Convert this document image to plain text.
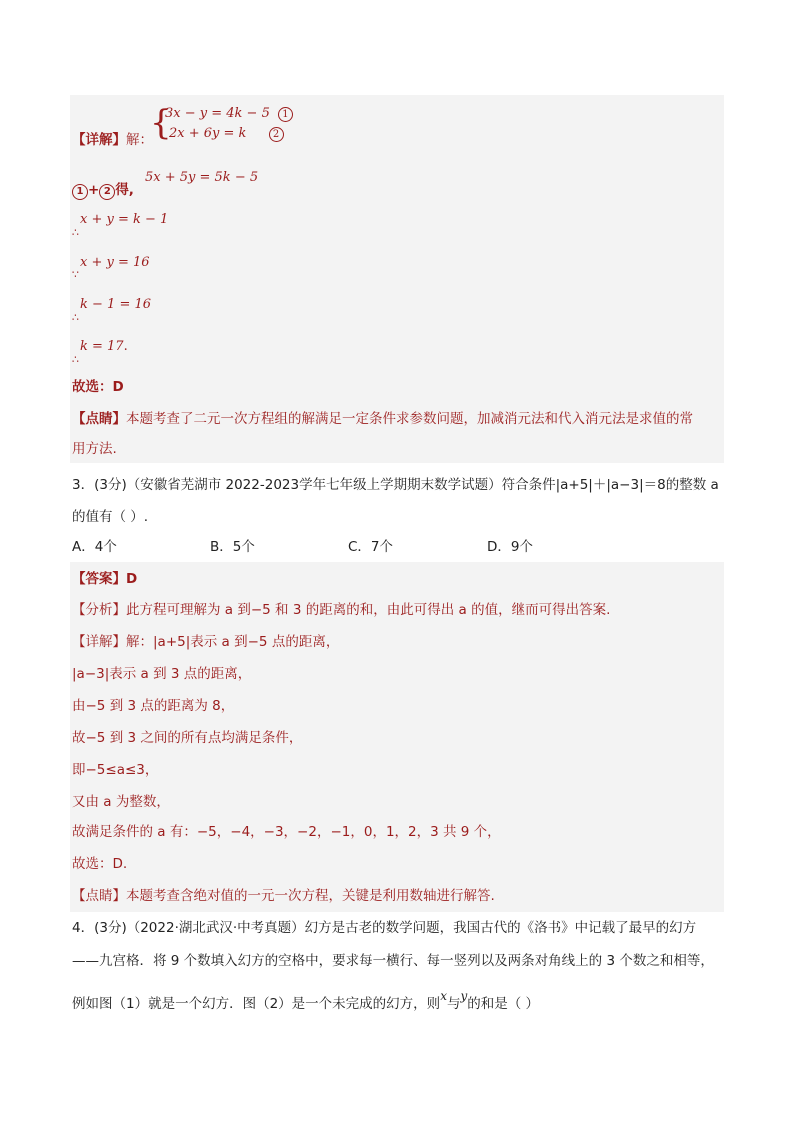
【详解】解：
{
3x − y = 4k − 5 1
2x + 6y = k	2
1 + 2 得,
5x + 5y = 5k − 5
x + y = k − 1
∴
x + y = 16
∵
k − 1 = 16
∴
k = 17.
∴
故选：D
【点睛】本题考查了二元一次方程组的解满足一定条件求参数问题，加减消元法和代入消元法是求值的常
用方法.
3．(3分)（安徽省芜湖市 2022-2023学年七年级上学期期末数学试题）符合条件|a+5|＋|a−3|＝8的整数 a
的值有（ ）.
A．4个	B．5个	C．7个	D．9个
【答案】D
【分析】此方程可理解为 a 到−5 和 3 的距离的和，由此可得出 a 的值，继而可得出答案.
【详解】解：|a+5|表示 a 到−5 点的距离，
|a−3|表示 a 到 3 点的距离，
由−5 到 3 点的距离为 8，
故−5 到 3 之间的所有点均满足条件，
即−5≤a≤3，
又由 a 为整数，
故满足条件的 a 有：−5，−4，−3，−2，−1，0，1，2，3 共 9 个，
故选：D.
【点睛】本题考查含绝对值的一元一次方程，关键是利用数轴进行解答.
4．(3分)（2022·湖北武汉·中考真题）幻方是古老的数学问题，我国古代的《洛书》中记载了最早的幻方
——九宫格．将 9 个数填入幻方的空格中，要求每一横行、每一竖列以及两条对角线上的 3 个数之和相等，
例如图（1）就是一个幻方．图（2）是一个未完成的幻方，则x与y的和是（ ）
